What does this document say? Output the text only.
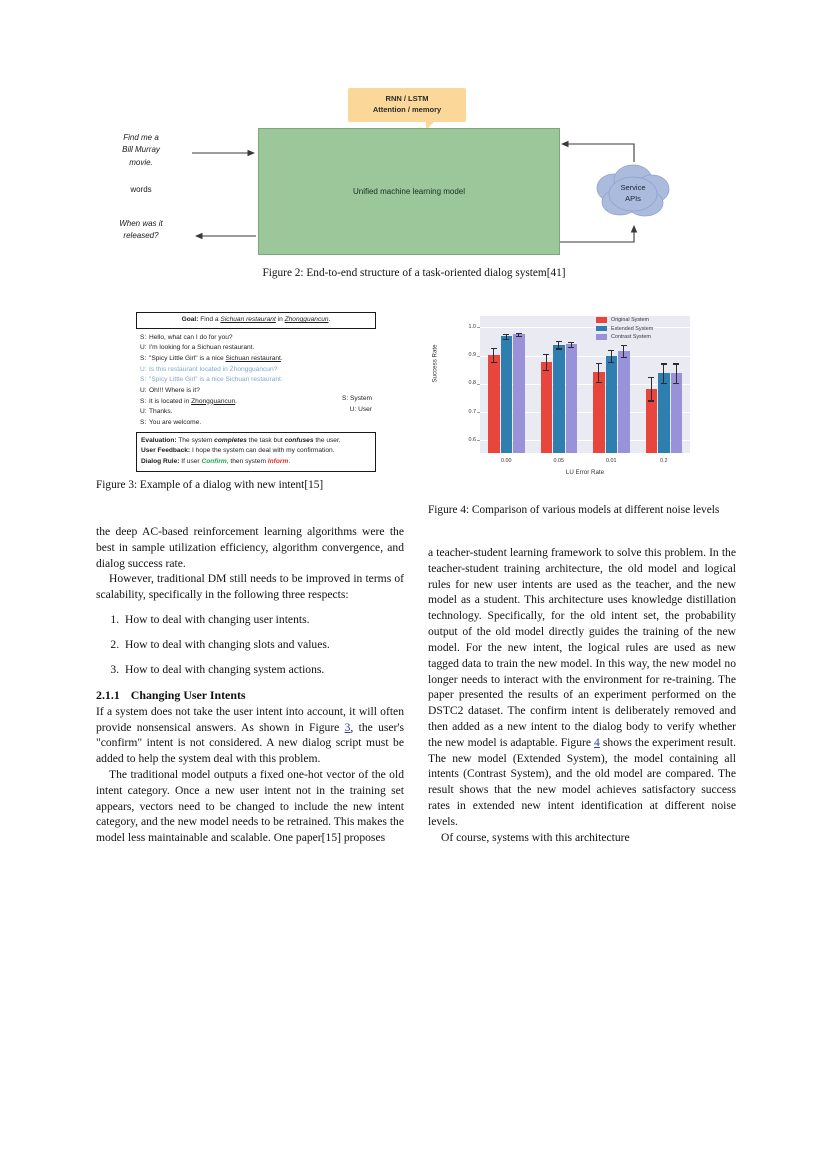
RNN / LSTM
Attention / memory
Unified machine learning model	Service
APIs
Find me a
Bill Murray
movie.
words
When was it
released?
Figure 2: End-to-end structure of a task-oriented dialog system[41]
Goal: Find a Sichuan restaurant in Zhongguancun.
S: Hello, what can I do for you?
U: I'm looking for a Sichuan restaurant.
S: "Spicy Little Girl" is a nice Sichuan restaurant.
U: Is this restaurant located in Zhongguancun?
S: "Spicy Little Girl" is a nice Sichuan restaurant.
U: Oh!!! Where is it?
S: It is located in Zhongguancun.
U: Thanks.
S: You are welcome.
S: System
U: User
Evaluation: The system completes the task but confuses the user.
User Feedback: I hope the system can deal with my confirmation.
Dialog Rule: If user Confirm, then system Inform.
Figure 3: Example of a dialog with new intent[15]
0.6
0.7
0.8
0.9
1.0
0.00	0.05	0.01	0.2
LU Error Rate
Success Rate
Original System
Extended System
Contrast System
Figure 4: Comparison of various models at different noise levels

the deep AC-based reinforcement learning algorithms were the best in sample utilization efficiency, algorithm convergence, and dialog success rate.

However, traditional DM still needs to be improved in terms of scalability, specifically in the following three respects:

1. How to deal with changing user intents.
2. How to deal with changing slots and values.
3. How to deal with changing system actions.
2.1.1 Changing User Intents

If a system does not take the user intent into account, it will often provide nonsensical answers. As shown in Figure 3, the user's "confirm" intent is not considered. A new dialog script must be added to help the system deal with this problem.

The traditional model outputs a fixed one-hot vector of the old intent category. Once a new user intent not in the training set appears, vectors need to be changed to include the new intent category, and the new model needs to be retrained. This makes the model less maintainable and scalable. One paper[15] proposes

a teacher-student learning framework to solve this problem. In the teacher-student training architecture, the old model and logical rules for new user intents are used as the teacher, and the new model as a student. This architecture uses knowledge distillation technology. Specifically, for the old intent set, the probability output of the old model directly guides the training of the new model. For the new intent, the logical rules are used as new tagged data to train the new model. In this way, the new model no longer needs to interact with the environment for re-training. The paper presented the results of an experiment performed on the DSTC2 dataset. The confirm intent is deliberately removed and then added as a new intent to the dialog body to verify whether the new model is adaptable. Figure 4 shows the experiment result. The new model (Extended System), the model containing all intents (Contrast System), and the old model are compared. The result shows that the new model achieves satisfactory success rates in extended new intent identification at different noise levels.

Of course, systems with this architecture
